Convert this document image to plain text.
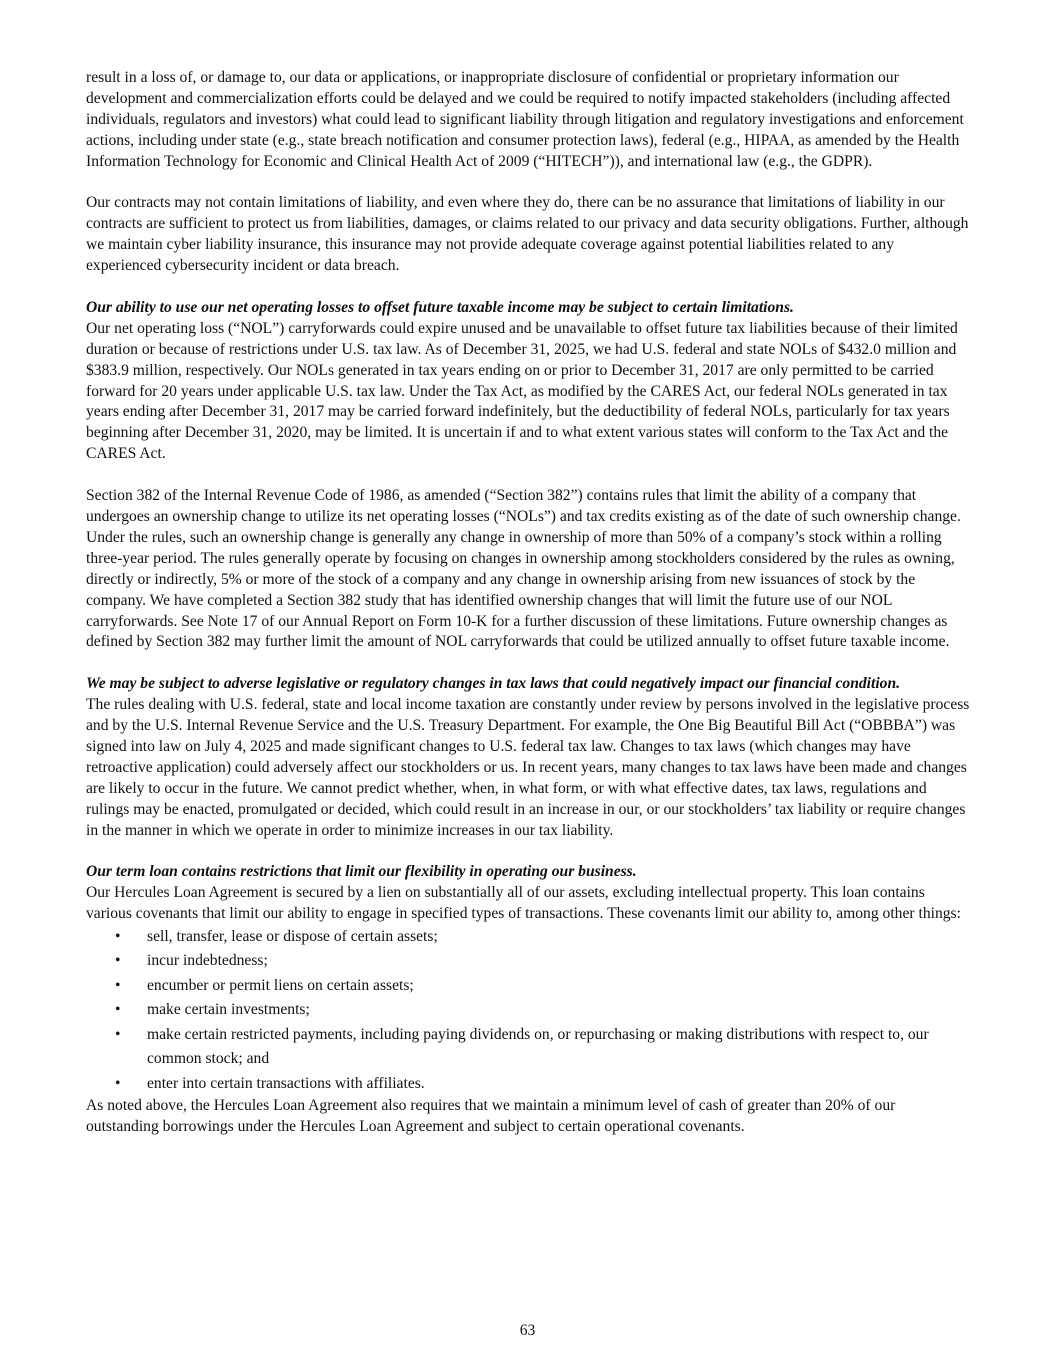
result in a loss of, or damage to, our data or applications, or inappropriate disclosure of confidential or proprietary information our development and commercialization efforts could be delayed and we could be required to notify impacted stakeholders (including affected individuals, regulators and investors) what could lead to significant liability through litigation and regulatory investigations and enforcement actions, including under state (e.g., state breach notification and consumer protection laws), federal (e.g., HIPAA, as amended by the Health Information Technology for Economic and Clinical Health Act of 2009 (“HITECH”)), and international law (e.g., the GDPR).

Our contracts may not contain limitations of liability, and even where they do, there can be no assurance that limitations of liability in our contracts are sufficient to protect us from liabilities, damages, or claims related to our privacy and data security obligations. Further, although we maintain cyber liability insurance, this insurance may not provide adequate coverage against potential liabilities related to any experienced cybersecurity incident or data breach.

Our ability to use our net operating losses to offset future taxable income may be subject to certain limitations.

Our net operating loss (“NOL”) carryforwards could expire unused and be unavailable to offset future tax liabilities because of their limited duration or because of restrictions under U.S. tax law. As of December 31, 2025, we had U.S. federal and state NOLs of $432.0 million and $383.9 million, respectively. Our NOLs generated in tax years ending on or prior to December 31, 2017 are only permitted to be carried forward for 20 years under applicable U.S. tax law. Under the Tax Act, as modified by the CARES Act, our federal NOLs generated in tax years ending after December 31, 2017 may be carried forward indefinitely, but the deductibility of federal NOLs, particularly for tax years beginning after December 31, 2020, may be limited. It is uncertain if and to what extent various states will conform to the Tax Act and the CARES Act.

Section 382 of the Internal Revenue Code of 1986, as amended (“Section 382”) contains rules that limit the ability of a company that undergoes an ownership change to utilize its net operating losses (“NOLs”) and tax credits existing as of the date of such ownership change. Under the rules, such an ownership change is generally any change in ownership of more than 50% of a company’s stock within a rolling three-year period. The rules generally operate by focusing on changes in ownership among stockholders considered by the rules as owning, directly or indirectly, 5% or more of the stock of a company and any change in ownership arising from new issuances of stock by the company. We have completed a Section 382 study that has identified ownership changes that will limit the future use of our NOL carryforwards. See Note 17 of our Annual Report on Form 10-K for a further discussion of these limitations. Future ownership changes as defined by Section 382 may further limit the amount of NOL carryforwards that could be utilized annually to offset future taxable income.

We may be subject to adverse legislative or regulatory changes in tax laws that could negatively impact our financial condition.

The rules dealing with U.S. federal, state and local income taxation are constantly under review by persons involved in the legislative process and by the U.S. Internal Revenue Service and the U.S. Treasury Department. For example, the One Big Beautiful Bill Act (“OBBBA”) was signed into law on July 4, 2025 and made significant changes to U.S. federal tax law. Changes to tax laws (which changes may have retroactive application) could adversely affect our stockholders or us. In recent years, many changes to tax laws have been made and changes are likely to occur in the future. We cannot predict whether, when, in what form, or with what effective dates, tax laws, regulations and rulings may be enacted, promulgated or decided, which could result in an increase in our, or our stockholders’ tax liability or require changes in the manner in which we operate in order to minimize increases in our tax liability.

Our term loan contains restrictions that limit our flexibility in operating our business.

Our Hercules Loan Agreement is secured by a lien on substantially all of our assets, excluding intellectual property. This loan contains various covenants that limit our ability to engage in specified types of transactions. These covenants limit our ability to, among other things:

• sell, transfer, lease or dispose of certain assets;
• incur indebtedness;
• encumber or permit liens on certain assets;
• make certain investments;
• make certain restricted payments, including paying dividends on, or repurchasing or making distributions with respect to, our common stock; and
• enter into certain transactions with affiliates.

As noted above, the Hercules Loan Agreement also requires that we maintain a minimum level of cash of greater than 20% of our outstanding borrowings under the Hercules Loan Agreement and subject to certain operational covenants.

63
